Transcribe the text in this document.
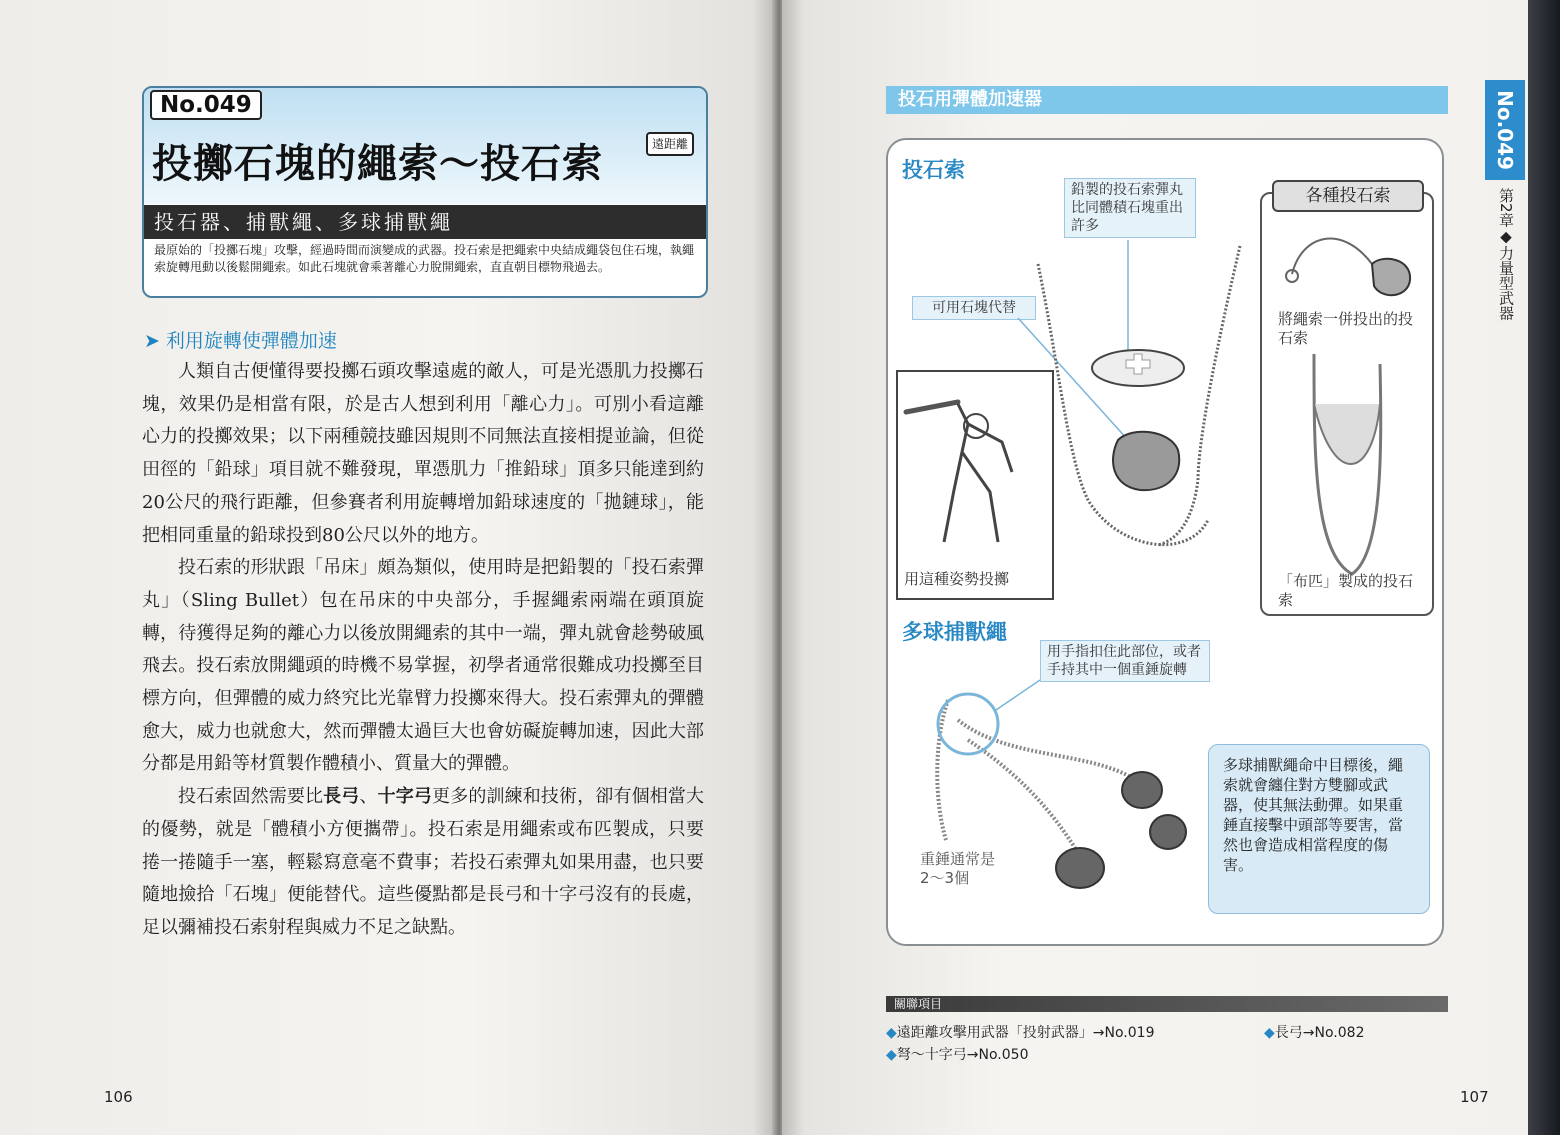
No.049
投擲石塊的繩索～投石索	遠距離
投石器、捕獸繩、多球捕獸繩
最原始的「投擲石塊」攻擊，經過時間而演變成的武器。投石索是把繩索中央結成繩袋包住石塊，執繩索旋轉甩動以後鬆開繩索。如此石塊就會乘著離心力脫開繩索，直直朝目標物飛過去。
➤ 利用旋轉使彈體加速

人類自古便懂得要投擲石頭攻擊遠處的敵人，可是光憑肌力投擲石塊，效果仍是相當有限，於是古人想到利用「離心力」。可別小看這離心力的投擲效果；以下兩種競技雖因規則不同無法直接相提並論，但從田徑的「鉛球」項目就不難發現，單憑肌力「推鉛球」頂多只能達到約20公尺的飛行距離，但參賽者利用旋轉增加鉛球速度的「拋鏈球」，能把相同重量的鉛球投到80公尺以外的地方。

投石索的形狀跟「吊床」頗為類似，使用時是把鉛製的「投石索彈丸」（Sling Bullet）包在吊床的中央部分，手握繩索兩端在頭頂旋轉，待獲得足夠的離心力以後放開繩索的其中一端，彈丸就會趁勢破風飛去。投石索放開繩頭的時機不易掌握，初學者通常很難成功投擲至目標方向，但彈體的威力終究比光靠臂力投擲來得大。投石索彈丸的彈體愈大，威力也就愈大，然而彈體太過巨大也會妨礙旋轉加速，因此大部分都是用鉛等材質製作體積小、質量大的彈體。

投石索固然需要比長弓、十字弓更多的訓練和技術，卻有個相當大的優勢，就是「體積小方便攜帶」。投石索是用繩索或布匹製成，只要捲一捲隨手一塞，輕鬆寫意毫不費事；若投石索彈丸如果用盡，也只要隨地撿拾「石塊」便能替代。這些優點都是長弓和十字弓沒有的長處，足以彌補投石索射程與威力不足之缺點。

106
投石用彈體加速器
投石索
鉛製的投石索彈丸比同體積石塊重出許多
可用石塊代替
用這種姿勢投擲
各種投石索
將繩索一併投出的投石索
「布匹」製成的投石索
多球捕獸繩
用手指扣住此部位，或者手持其中一個重錘旋轉
重錘通常是2～3個
多球捕獸繩命中目標後，繩索就會纏住對方雙腳或武器，使其無法動彈。如果重錘直接擊中頭部等要害，當然也會造成相當程度的傷害。
關聯項目
◆遠距離攻擊用武器「投射武器」→No.019	◆長弓→No.082
◆弩～十字弓→No.050
107
No.049
第2章◆力量型武器
